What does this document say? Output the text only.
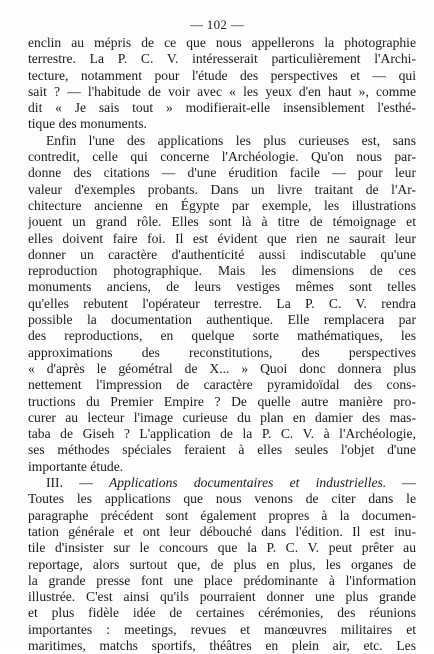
— 102 —
enclin au mépris de ce que nous appellerons la photographie
terrestre. La P. C. V. intéresserait particulièrement l'Archi-
tecture, notamment pour l'étude des perspectives et — qui
sait ? — l'habitude de voir avec « les yeux d'en haut », comme
dit « Je sais tout » modifierait-elle insensiblement l'esthé-
tique des monuments.
Enfin l'une des applications les plus curieuses est, sans
contredit, celle qui concerne l'Archéologie. Qu'on nous par-
donne des citations — d'une érudition facile — pour leur
valeur d'exemples probants. Dans un livre traitant de l'Ar-
chitecture ancienne en Égypte par exemple, les illustrations
jouent un grand rôle. Elles sont là à titre de témoignage et
elles doivent faire foi. Il est évident que rien ne saurait leur
donner un caractère d'authenticité aussi indiscutable qu'une
reproduction photographique. Mais les dimensions de ces
monuments anciens, de leurs vestiges mêmes sont telles
qu'elles rebutent l'opérateur terrestre. La P. C. V. rendra
possible la documentation authentique. Elle remplacera par
des reproductions, en quelque sorte mathématiques, les
approximations des reconstitutions, des perspectives
« d'après le géométral de X... » Quoi donc donnera plus
nettement l'impression de caractère pyramidoïdal des cons-
tructions du Premier Empire ? De quelle autre manière pro-
curer au lecteur l'image curieuse du plan en damier des mas-
taba de Giseh ? L'application de la P. C. V. à l'Archéologie,
ses méthodes spéciales feraient à elles seules l'objet d'une
importante étude.
III. — Applications documentaires et industrielles. —
Toutes les applications que nous venons de citer dans le
paragraphe précédent sont également propres à la documen-
tation générale et ont leur débouché dans l'édition. Il est inu-
tile d'insister sur le concours que la P. C. V. peut prêter au
reportage, alors surtout que, de plus en plus, les organes de
la grande presse font une place prédominante à l'information
illustrée. C'est ainsi qu'ils pourraient donner une plus grande
et plus fidèle idée de certaines cérémonies, des réunions
importantes : meetings, revues et manœuvres militaires et
maritimes, matchs sportifs, théâtres en plein air, etc. Les
